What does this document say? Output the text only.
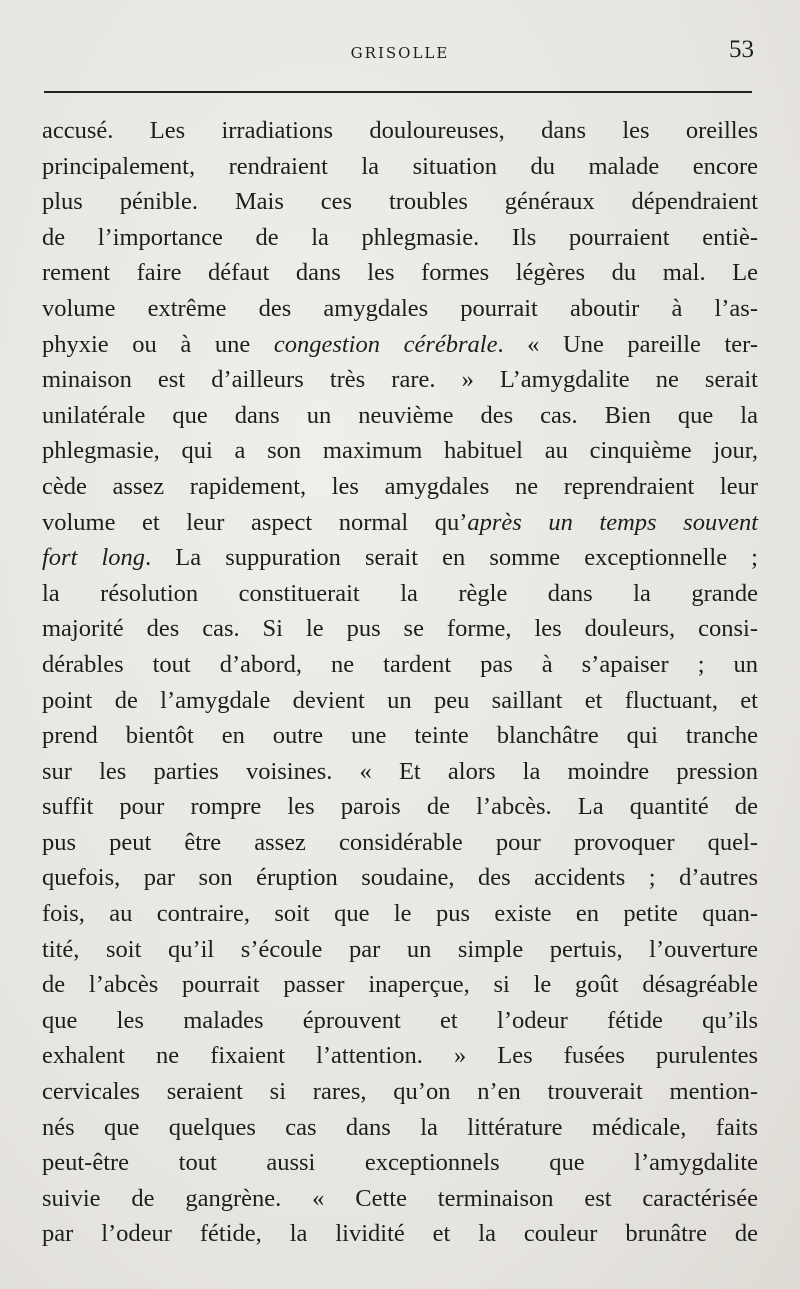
GRISOLLE	53
accusé. Les irradiations douloureuses, dans les oreilles
principalement, rendraient la situation du malade encore
plus pénible. Mais ces troubles généraux dépendraient
de l’importance de la phlegmasie. Ils pourraient entiè-
rement faire défaut dans les formes légères du mal. Le
volume extrême des amygdales pourrait aboutir à l’as-
phyxie ou à une congestion cérébrale. « Une pareille ter-
minaison est d’ailleurs très rare. » L’amygdalite ne serait
unilatérale que dans un neuvième des cas. Bien que la
phlegmasie, qui a son maximum habituel au cinquième jour,
cède assez rapidement, les amygdales ne reprendraient leur
volume et leur aspect normal qu’après un temps souvent
fort long. La suppuration serait en somme exceptionnelle ;
la résolution constituerait la règle dans la grande
majorité des cas. Si le pus se forme, les douleurs, consi-
dérables tout d’abord, ne tardent pas à s’apaiser ; un
point de l’amygdale devient un peu saillant et fluctuant, et
prend bientôt en outre une teinte blanchâtre qui tranche
sur les parties voisines. « Et alors la moindre pression
suffit pour rompre les parois de l’abcès. La quantité de
pus peut être assez considérable pour provoquer quel-
quefois, par son éruption soudaine, des accidents ; d’autres
fois, au contraire, soit que le pus existe en petite quan-
tité, soit qu’il s’écoule par un simple pertuis, l’ouverture
de l’abcès pourrait passer inaperçue, si le goût désagréable
que les malades éprouvent et l’odeur fétide qu’ils
exhalent ne fixaient l’attention. » Les fusées purulentes
cervicales seraient si rares, qu’on n’en trouverait mention-
nés que quelques cas dans la littérature médicale, faits
peut-être tout aussi exceptionnels que l’amygdalite
suivie de gangrène. « Cette terminaison est caractérisée
par l’odeur fétide, la lividité et la couleur brunâtre de
